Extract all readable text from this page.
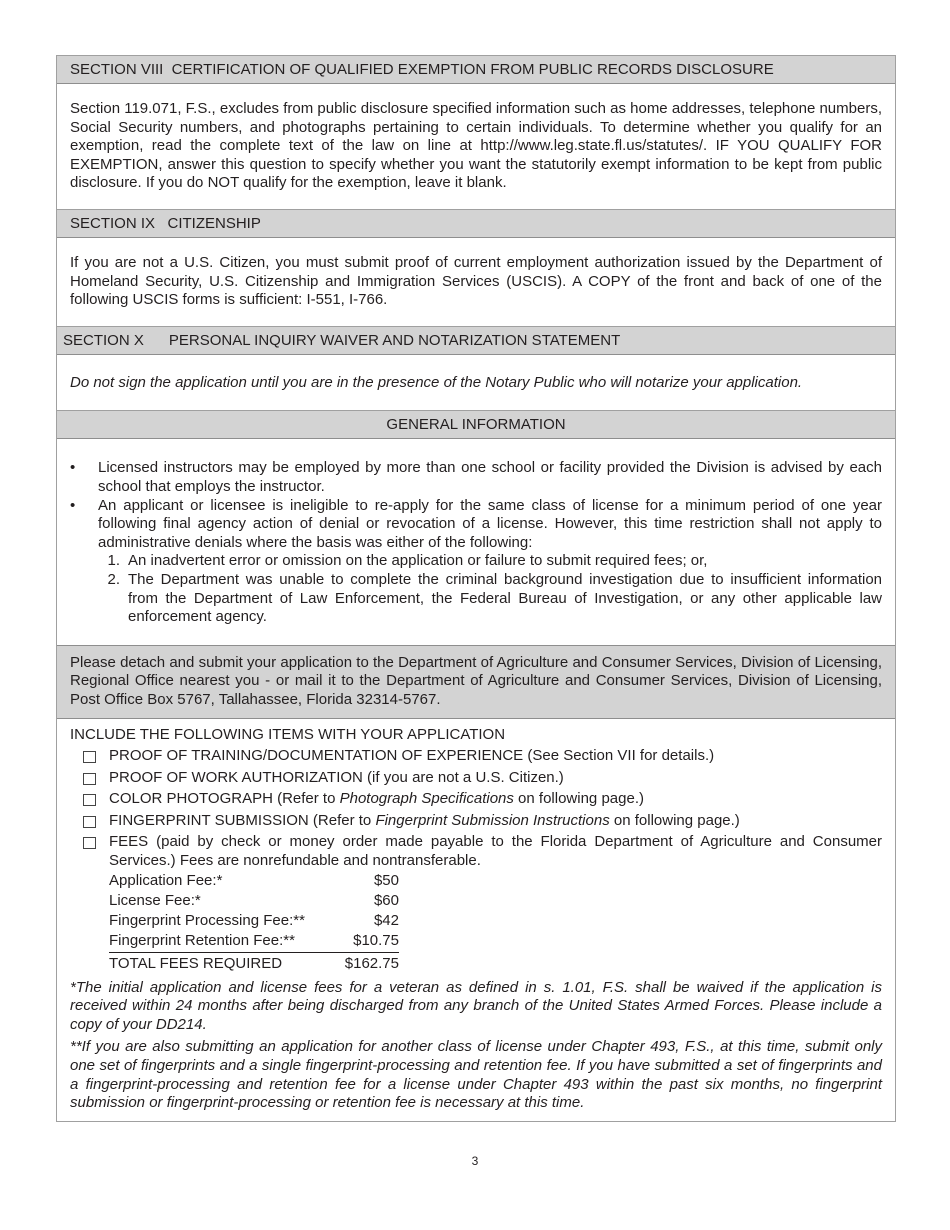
SECTION VIII  CERTIFICATION OF QUALIFIED EXEMPTION FROM PUBLIC RECORDS DISCLOSURE
Section 119.071, F.S., excludes from public disclosure specified information such as home addresses, telephone numbers, Social Security numbers, and photographs pertaining to certain individuals. To determine whether you qualify for an exemption, read the complete text of the law on line at http://www.leg.state.fl.us/statutes/. IF YOU QUALIFY FOR EXEMPTION, answer this question to specify whether you want the statutorily exempt information to be kept from public disclosure. If you do NOT qualify for the exemption, leave it blank.
SECTION IX   CITIZENSHIP
If you are not a U.S. Citizen, you must submit proof of current employment authorization issued by the Department of Homeland Security, U.S. Citizenship and Immigration Services (USCIS). A COPY of the front and back of one of the following USCIS forms is sufficient: I-551, I-766.
SECTION X      PERSONAL INQUIRY WAIVER AND NOTARIZATION STATEMENT
Do not sign the application until you are in the presence of the Notary Public who will notarize your application.
GENERAL INFORMATION
• Licensed instructors may be employed by more than one school or facility provided the Division is advised by each school that employs the instructor.
• An applicant or licensee is ineligible to re-apply for the same class of license for a minimum period of one year following final agency action of denial or revocation of a license. However, this time restriction shall not apply to administrative denials where the basis was either of the following:
1. An inadvertent error or omission on the application or failure to submit required fees; or,
2. The Department was unable to complete the criminal background investigation due to insufficient information from the Department of Law Enforcement, the Federal Bureau of Investigation, or any other applicable law enforcement agency.
Please detach and submit your application to the Department of Agriculture and Consumer Services, Division of Licensing, Regional Office nearest you - or mail it to the Department of Agriculture and Consumer Services, Division of Licensing, Post Office Box 5767, Tallahassee, Florida 32314-5767.
INCLUDE THE FOLLOWING ITEMS WITH YOUR APPLICATION
PROOF OF TRAINING/DOCUMENTATION OF EXPERIENCE (See Section VII for details.)
PROOF OF WORK AUTHORIZATION (if you are not a U.S. Citizen.)
COLOR PHOTOGRAPH (Refer to Photograph Specifications on following page.)
FINGERPRINT SUBMISSION (Refer to Fingerprint Submission Instructions on following page.)
FEES (paid by check or money order made payable to the Florida Department of Agriculture and Consumer Services.) Fees are nonrefundable and nontransferable.
Application Fee:*	$50
License Fee:*	$60
Fingerprint Processing Fee:**	$42
Fingerprint Retention Fee:**	$10.75
TOTAL FEES REQUIRED	$162.75
*The initial application and license fees for a veteran as defined in s. 1.01, F.S. shall be waived if the application is received within 24 months after being discharged from any branch of the United States Armed Forces. Please include a copy of your DD214.
**If you are also submitting an application for another class of license under Chapter 493, F.S., at this time, submit only one set of fingerprints and a single fingerprint-processing and retention fee. If you have submitted a set of fingerprints and a fingerprint-processing and retention fee for a license under Chapter 493 within the past six months, no fingerprint submission or fingerprint-processing or retention fee is necessary at this time.
3
